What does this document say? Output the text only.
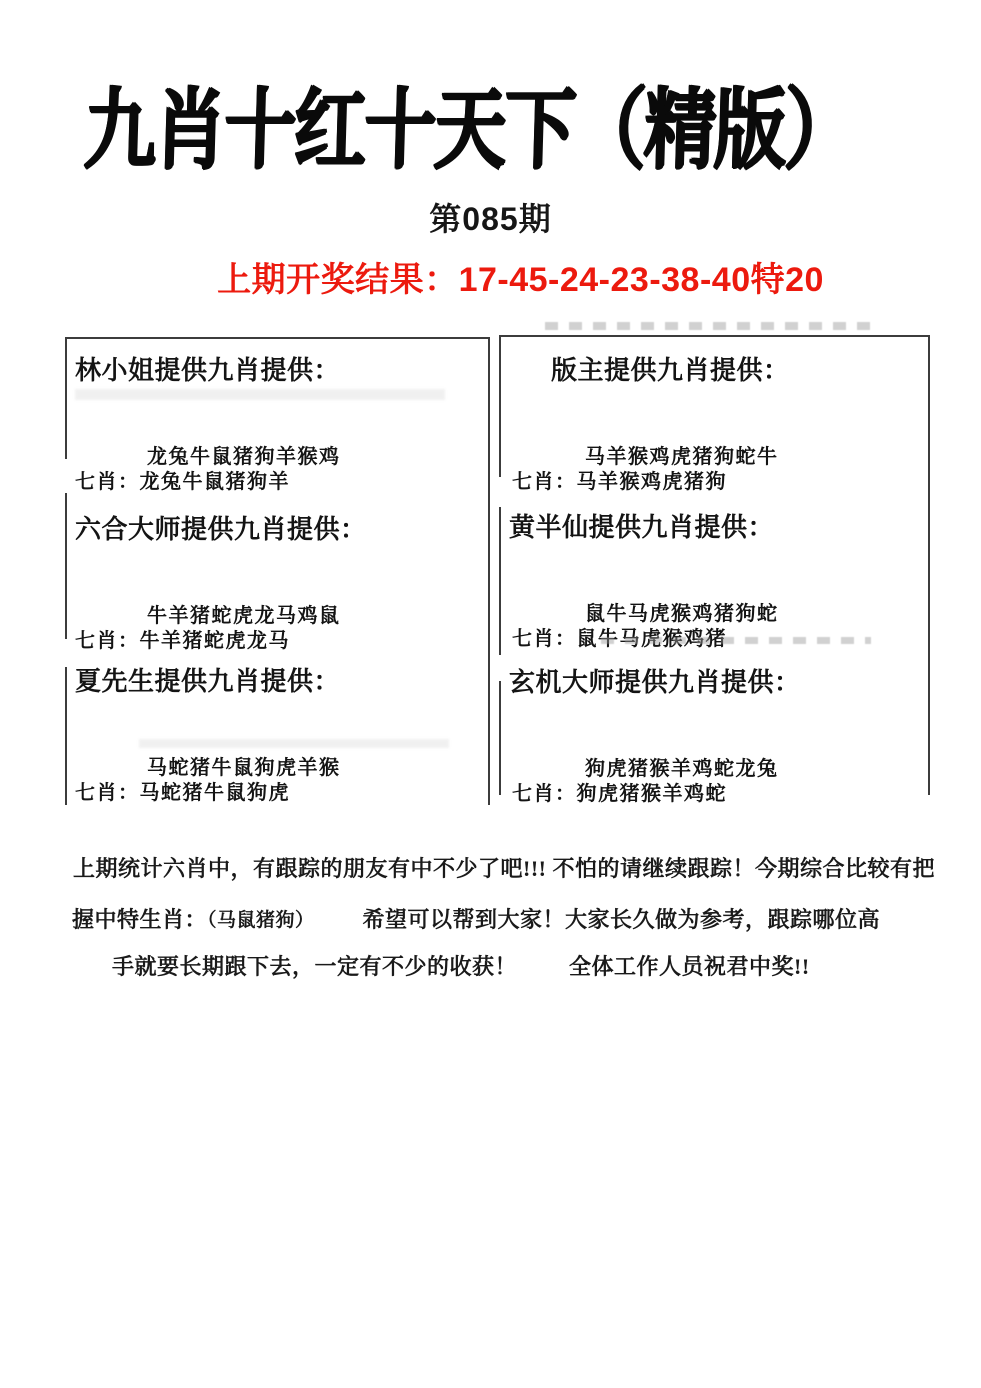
九肖十红十天下（精版）
第085期
上期开奖结果：17-45-24-23-38-40特20
林小姐提供九肖提供：
龙兔牛鼠猪狗羊猴鸡
七肖：龙兔牛鼠猪狗羊
六合大师提供九肖提供：
牛羊猪蛇虎龙马鸡鼠
七肖：牛羊猪蛇虎龙马
夏先生提供九肖提供：
马蛇猪牛鼠狗虎羊猴
七肖：马蛇猪牛鼠狗虎
版主提供九肖提供：
马羊猴鸡虎猪狗蛇牛
七肖：马羊猴鸡虎猪狗
黄半仙提供九肖提供：
鼠牛马虎猴鸡猪狗蛇
七肖：鼠牛马虎猴鸡猪
玄机大师提供九肖提供：
狗虎猪猴羊鸡蛇龙兔
七肖：狗虎猪猴羊鸡蛇
上期统计六肖中，有跟踪的朋友有中不少了吧!!! 不怕的请继续跟踪！今期综合比较有把
握中特生肖：（马鼠猪狗） 希望可以帮到大家！大家长久做为参考，跟踪哪位高
手就要长期跟下去，一定有不少的收获！ 全体工作人员祝君中奖!!
